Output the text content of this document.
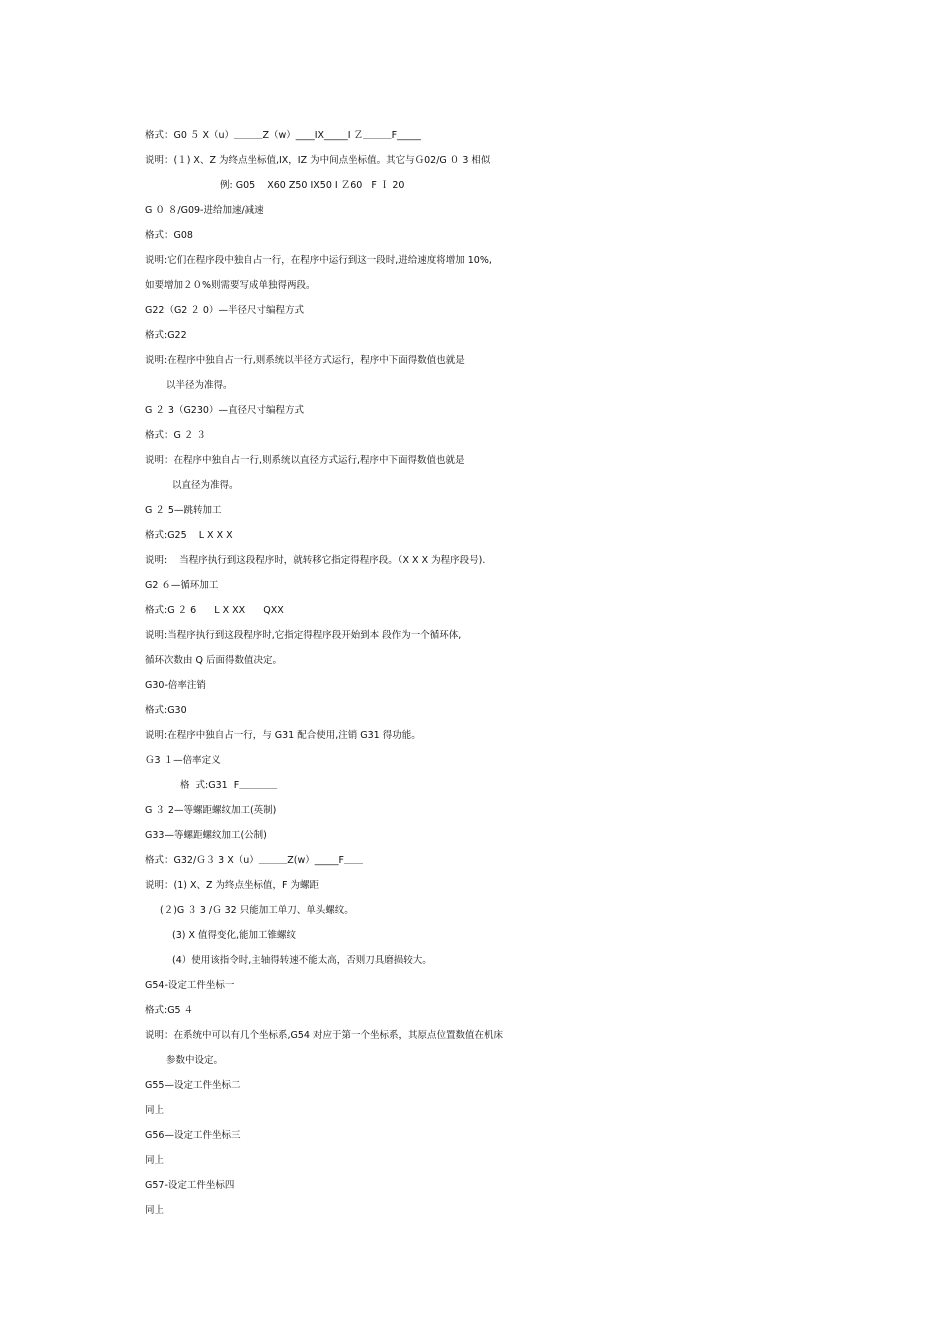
格式：G0 ５ X（u）＿＿＿Z（w）____IX_____I Ｚ＿＿＿F_____
说明：(１) X、Z 为终点坐标值,IX，IZ 为中间点坐标值。其它与Ｇ02/G ０ 3 相似
例: G05    X60 Z50 IX50 I Ｚ60   F Ｉ 20
G ０ ８/G09-进给加速/减速
格式：G08
说明:它们在程序段中独自占一行，在程序中运行到这一段时,进给速度将增加 10%,
如要增加２０%则需要写成单独得两段。
G22（G2 ２ 0）—半径尺寸编程方式
格式:G22
说明:在程序中独自占一行,则系统以半径方式运行，程序中下面得数值也就是
以半径为准得。
G ２ 3（G230）—直径尺寸编程方式
格式：G ２ ３
说明：在程序中独自占一行,则系统以直径方式运行,程序中下面得数值也就是
以直径为准得。
G ２ 5—跳转加工
格式:G25    L X X X
说明:    当程序执行到这段程序时，就转移它指定得程序段。（X X X 为程序段号).
G2 ６—循环加工
格式:G ２ 6      L X XX      QXX
说明:当程序执行到这段程序时,它指定得程序段开始到本 段作为一个循环体,
循环次数由 Q 后面得数值决定。
G30-倍率注销
格式:G30
说明:在程序中独自占一行，与 G31 配合使用,注销 G31 得功能。
Ｇ3 １—倍率定义
格  式:G31  F＿＿＿＿
G ３ 2—等螺距螺纹加工(英制)
G33—等螺距螺纹加工(公制)
格式：G32/Ｇ３ 3 X（u）＿＿＿Z(w）_____F＿＿
说明：(1) X、Z 为终点坐标值，F 为螺距
(２)G ３ 3 /Ｇ 32 只能加工单刀、单头螺纹。
(3) X 值得变化,能加工锥螺纹
(4）使用该指令时,主轴得转速不能太高，否则刀具磨损较大。
G54-设定工件坐标一
格式:G5 ４
说明：在系统中可以有几个坐标系,G54 对应于第一个坐标系，其原点位置数值在机床
参数中设定。
G55—设定工件坐标二
同上
G56—设定工件坐标三
同上
G57-设定工件坐标四
同上
